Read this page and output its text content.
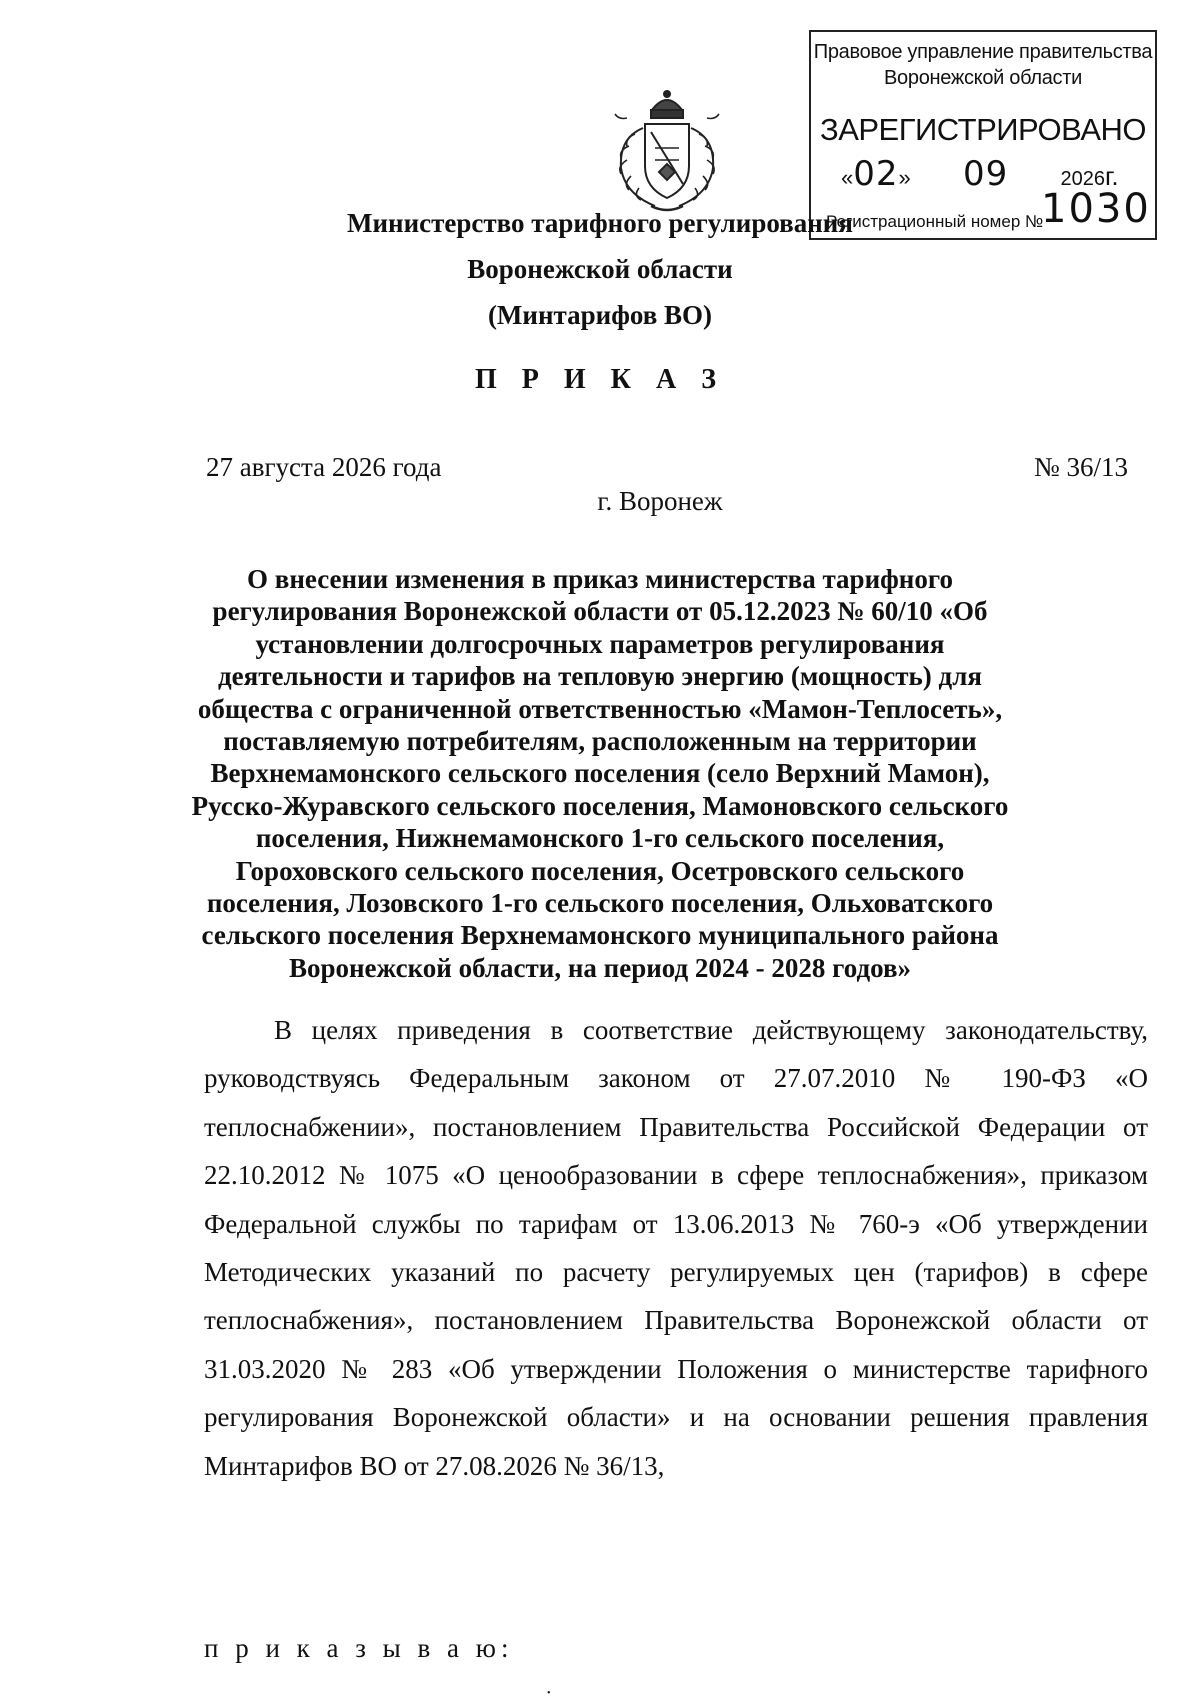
Правовое управление правительства
Воронежской области
ЗАРЕГИСТРИРОВАНО
«02»  09	2026г.
Регистрационный номер №
1030
Министерство тарифного регулирования
Воронежской области
(Минтарифов ВО)
П Р И К А З
27 августа 2026 года	№ 36/13
г. Воронеж
О внесении изменения в приказ министерства тарифного регулирования Воронежской области от 05.12.2023 № 60/10 «Об установлении долгосрочных параметров регулирования деятельности и тарифов на тепловую энергию (мощность) для общества с ограниченной ответственностью «Мамон-Теплосеть», поставляемую потребителям, расположенным на территории Верхнемамонского сельского поселения (село Верхний Мамон), Русско-Журавского сельского поселения, Мамоновского сельского поселения, Нижнемамонского 1-го сельского поселения, Гороховского сельского поселения, Осетровского сельского поселения, Лозовского 1-го сельского поселения, Ольховатского сельского поселения Верхнемамонского муниципального района Воронежской области, на период 2024 - 2028 годов»

В целях приведения в соответствие действующему законодательству, руководствуясь Федеральным законом от 27.07.2010 № 190-ФЗ «О теплоснабжении», постановлением Правительства Российской Федерации от 22.10.2012 № 1075 «О ценообразовании в сфере теплоснабжения», приказом Федеральной службы по тарифам от 13.06.2013 № 760-э «Об утверждении Методических указаний по расчету регулируемых цен (тарифов) в сфере теплоснабжения», постановлением Правительства Воронежской области от 31.03.2020 № 283 «Об утверждении Положения о министерстве тарифного регулирования Воронежской области» и на основании решения правления Минтарифов ВО от 27.08.2026 № 36/13,

п р и к а з ы в а ю:
•
